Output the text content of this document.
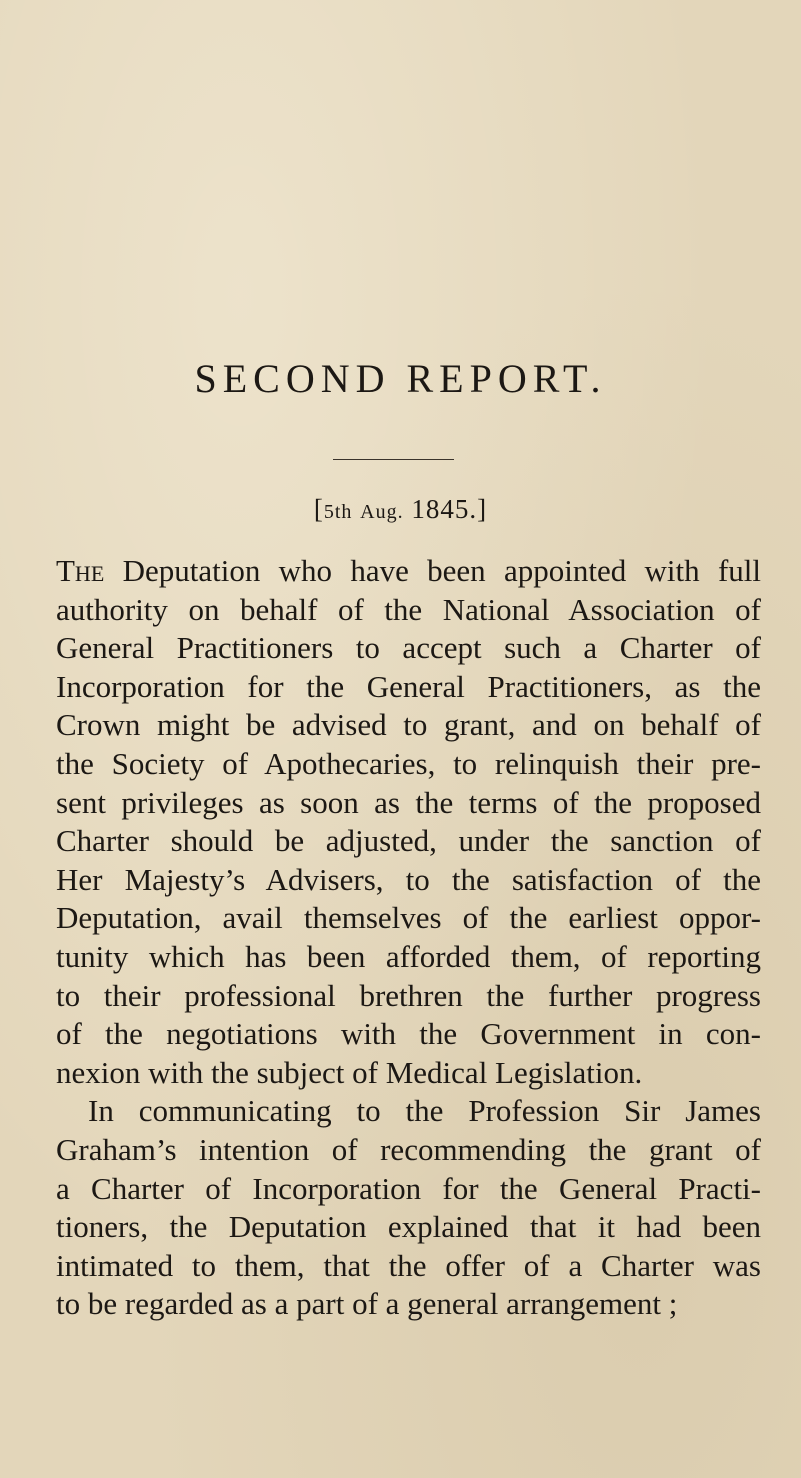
SECOND REPORT.
[5th Aug. 1845.]
The Deputation who have been appointed with full
authority on behalf of the National Association of
General Practitioners to accept such a Charter of
Incorporation for the General Practitioners, as the
Crown might be advised to grant, and on behalf of
the Society of Apothecaries, to relinquish their pre-
sent privileges as soon as the terms of the proposed
Charter should be adjusted, under the sanction of
Her Majesty’s Advisers, to the satisfaction of the
Deputation, avail themselves of the earliest oppor-
tunity which has been afforded them, of reporting
to their professional brethren the further progress
of the negotiations with the Government in con-
nexion with the subject of Medical Legislation.
In communicating to the Profession Sir James
Graham’s intention of recommending the grant of
a Charter of Incorporation for the General Practi-
tioners, the Deputation explained that it had been
intimated to them, that the offer of a Charter was
to be regarded as a part of a general arrangement ;
